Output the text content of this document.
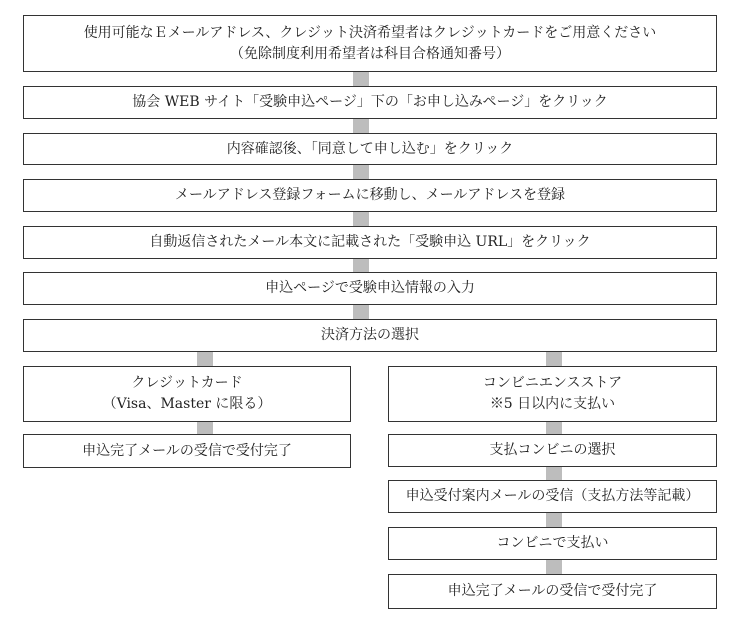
使用可能なＥメールアドレス、クレジット決済希望者はクレジットカードをご用意ください
（免除制度利用希望者は科目合格通知番号）
協会 WEB サイト「受験申込ページ」下の「お申し込みページ」をクリック
内容確認後、「同意して申し込む」をクリック
メールアドレス登録フォームに移動し、メールアドレスを登録
自動返信されたメール本文に記載された「受験申込 URL」をクリック
申込ページで受験申込情報の入力
決済方法の選択
クレジットカード
（Visa、Master に限る）
申込完了メールの受信で受付完了
コンビニエンスストア
※5 日以内に支払い
支払コンビニの選択
申込受付案内メールの受信（支払方法等記載）
コンビニで支払い
申込完了メールの受信で受付完了
